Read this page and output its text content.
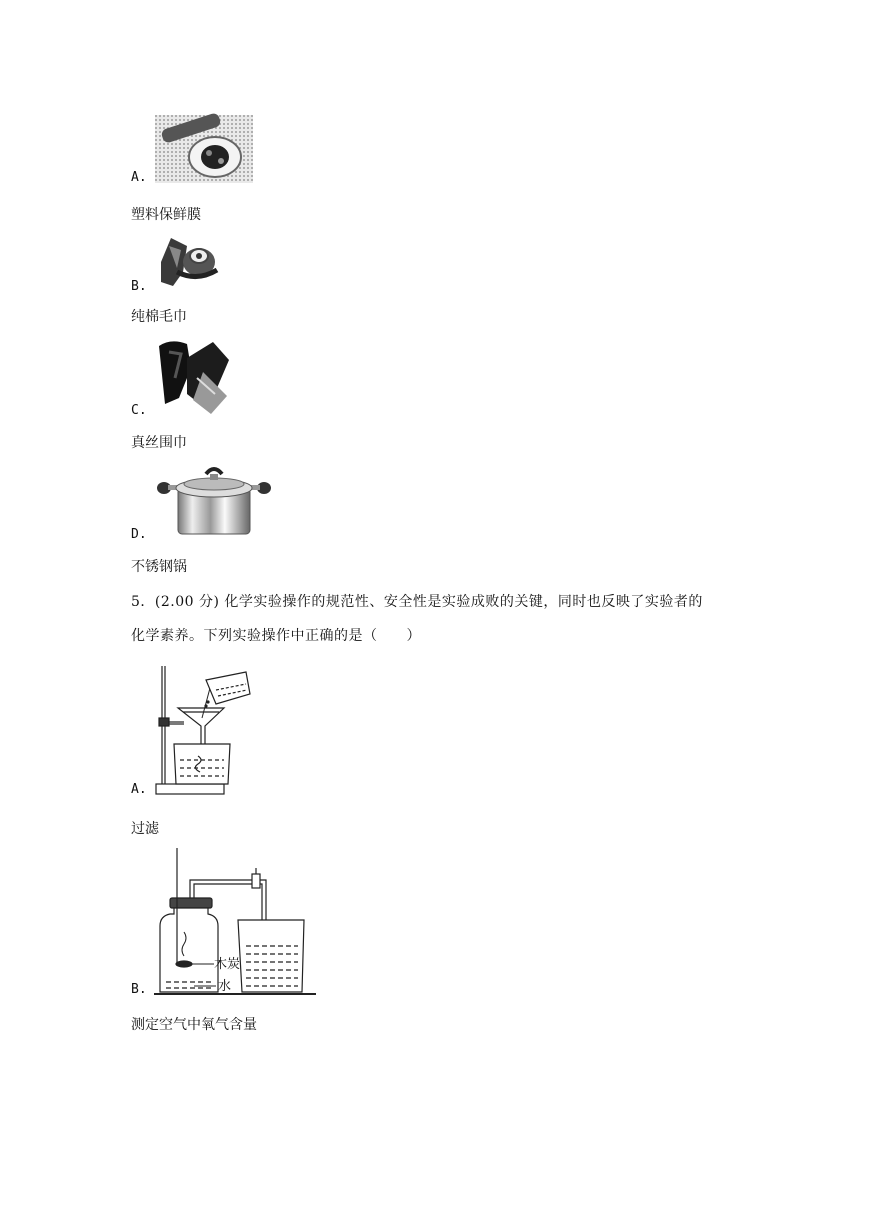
A.
塑料保鲜膜
B.
纯棉毛巾
C.
真丝围巾
D.
不锈钢锅
5．(2.00 分) 化学实验操作的规范性、安全性是实验成败的关键，同时也反映了实验者的
化学素养。下列实验操作中正确的是（　　）
A.
过滤
木炭
水
B.
测定空气中氧气含量
